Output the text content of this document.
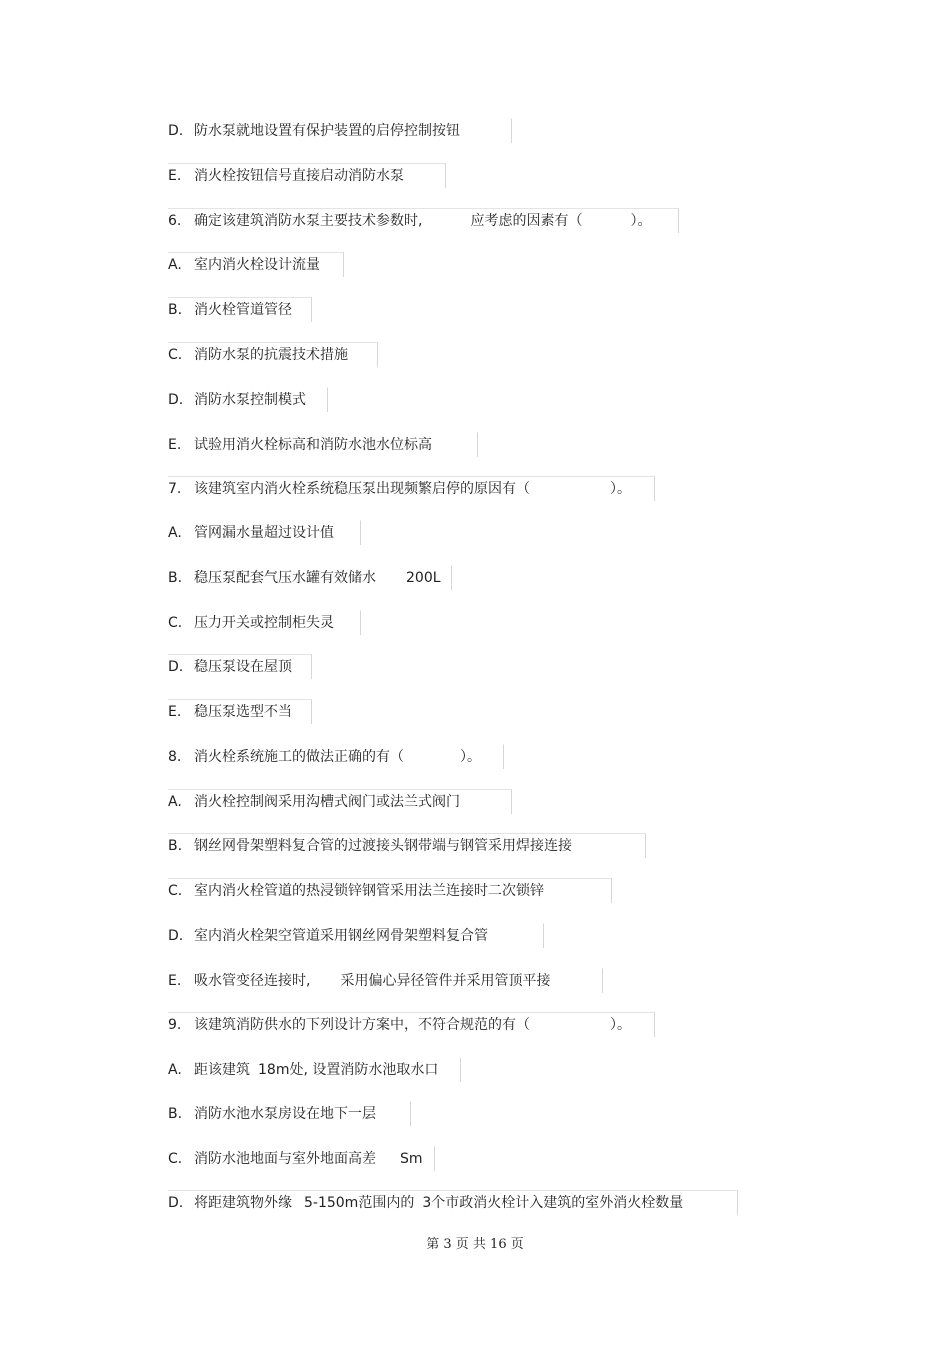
D. 防水泵就地设置有保护装置的启停控制按钮
E. 消火栓按钮信号直接启动消防水泵
6. 确定该建筑消防水泵主要技术参数时,	应考虑的因素有（	）。
A. 室内消火栓设计流量
B. 消火栓管道管径
C. 消防水泵的抗震技术措施
D. 消防水泵控制模式
E. 试验用消火栓标高和消防水池水位标高
7. 该建筑室内消火栓系统稳压泵出现频繁启停的原因有（	）。
A. 管网漏水量超过设计值
B. 稳压泵配套气压水罐有效储水 200L
C. 压力开关或控制柜失灵
D. 稳压泵设在屋顶
E. 稳压泵选型不当
8. 消火栓系统施工的做法正确的有（	）。
A. 消火栓控制阀采用沟槽式阀门或法兰式阀门
B. 钢丝网骨架塑料复合管的过渡接头钢带端与钢管采用焊接连接
C. 室内消火栓管道的热浸锁锌钢管采用法兰连接时二次锁锌
D. 室内消火栓架空管道采用钢丝网骨架塑料复合管
E. 吸水管变径连接时, 采用偏心异径管件并采用管顶平接
9. 该建筑消防供水的下列设计方案中，不符合规范的有（	）。
A. 距该建筑 18m处, 设置消防水池取水口
B. 消防水池水泵房设在地下一层
C. 消防水池地面与室外地面高差 Sm
D. 将距建筑物外缘 5-150m范围内的 3个市政消火栓计入建筑的室外消火栓数量
第 3 页 共 16 页
